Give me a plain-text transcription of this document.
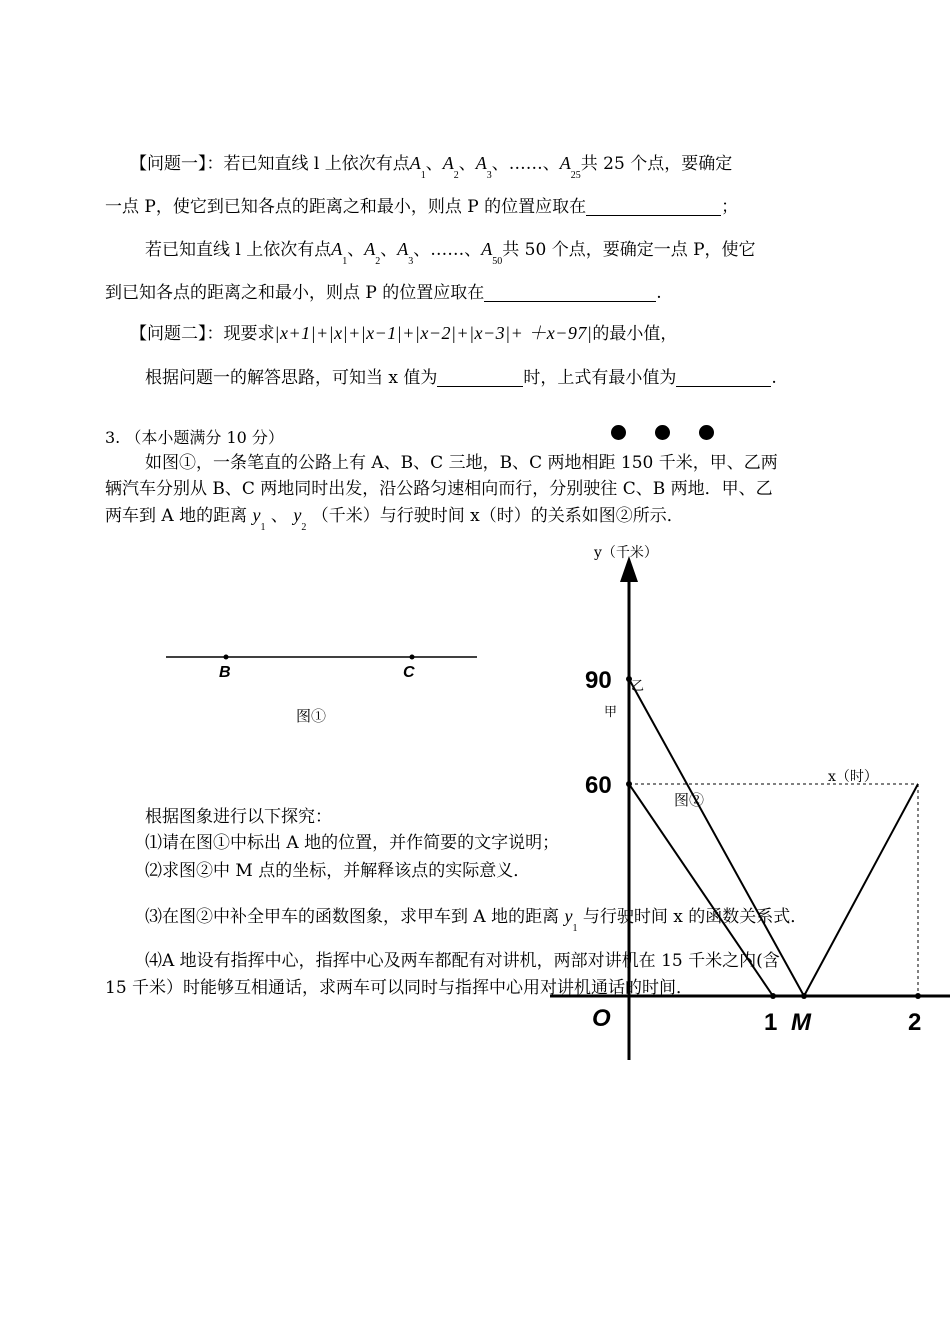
【问题一】：若已知直线 l 上依次有点$A_1$、$A_2$、$A_3$、……、$A_{25}$共 25 个点，要确定
一点 P，使它到已知各点的距离之和最小，则点 P 的位置应取在	；
若已知直线 l 上依次有点$A_1$、$A_2$、$A_3$、……、$A_{50}$共 50 个点，要确定一点 P，使它
到已知各点的距离之和最小，则点 P 的位置应取在	.
【问题二】：现要求|x+1|+|x|+|x−1|+|x−2|+|x−3|+ ＋x−97|的最小值，
根据问题一的解答思路，可知当 x 值为	时，上式有最小值为	.
3. （本小题满分 10 分）
如图①，一条笔直的公路上有 A、B、C 三地，B、C 两地相距 150 千米，甲、乙两
辆汽车分别从 B、C 两地同时出发，沿公路匀速相向而行，分别驶往 C、B 两地．甲、乙
两车到 A 地的距离 $y_1$ 、 $y_2$ （千米）与行驶时间 x（时）的关系如图②所示．
B	C
图①
90
60
O	1 M	2
y（千米）
x（时）
图②
乙
甲
根据图象进行以下探究：
⑴请在图①中标出 A 地的位置，并作简要的文字说明；
⑵求图②中 M 点的坐标，并解释该点的实际意义．
⑶在图②中补全甲车的函数图象，求甲车到 A 地的距离 $y_1$ 与行驶时间 x 的函数关系式．
⑷A 地设有指挥中心，指挥中心及两车都配有对讲机，两部对讲机在 15 千米之内(含
15 千米）时能够互相通话，求两车可以同时与指挥中心用对讲机通话的时间．
